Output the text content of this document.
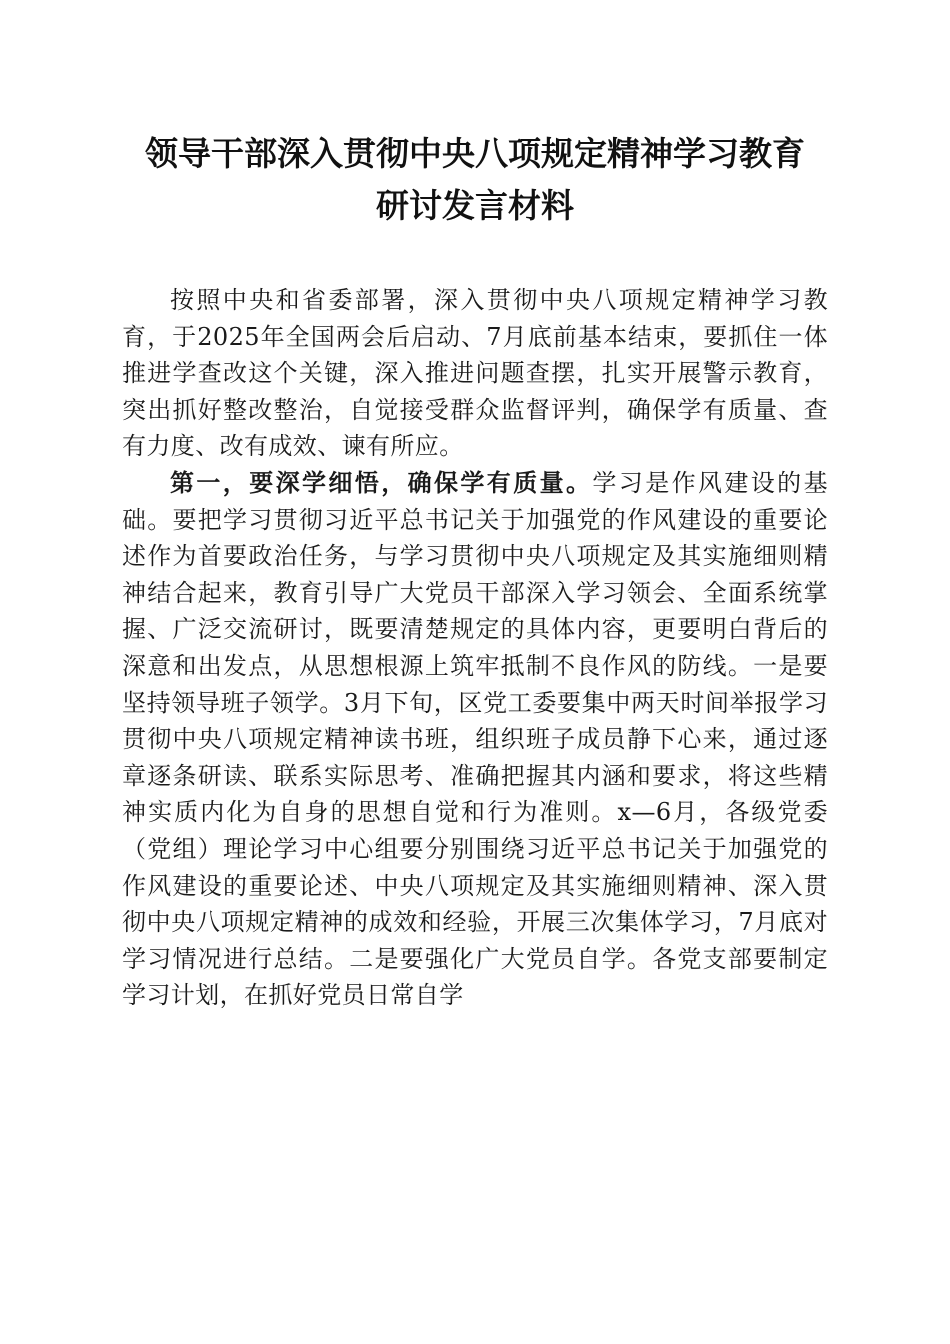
领导干部深入贯彻中央八项规定精神学习教育
研讨发言材料

按照中央和省委部署，深入贯彻中央八项规定精神学习教育，于2025年全国两会后启动、7月底前基本结束，要抓住一体推进学查改这个关键，深入推进问题查摆，扎实开展警示教育，突出抓好整改整治，自觉接受群众监督评判，确保学有质量、查有力度、改有成效、谏有所应。

第一，要深学细悟，确保学有质量。学习是作风建设的基础。要把学习贯彻习近平总书记关于加强党的作风建设的重要论述作为首要政治任务，与学习贯彻中央八项规定及其实施细则精神结合起来，教育引导广大党员干部深入学习领会、全面系统掌握、广泛交流研讨，既要清楚规定的具体内容，更要明白背后的深意和出发点，从思想根源上筑牢抵制不良作风的防线。一是要坚持领导班子领学。3月下旬，区党工委要集中两天时间举报学习贯彻中央八项规定精神读书班，组织班子成员静下心来，通过逐章逐条研读、联系实际思考、准确把握其内涵和要求，将这些精神实质内化为自身的思想自觉和行为准则。x—6月，各级党委（党组）理论学习中心组要分别围绕习近平总书记关于加强党的作风建设的重要论述、中央八项规定及其实施细则精神、深入贯彻中央八项规定精神的成效和经验，开展三次集体学习，7月底对学习情况进行总结。二是要强化广大党员自学。各党支部要制定学习计划，在抓好党员日常自学
